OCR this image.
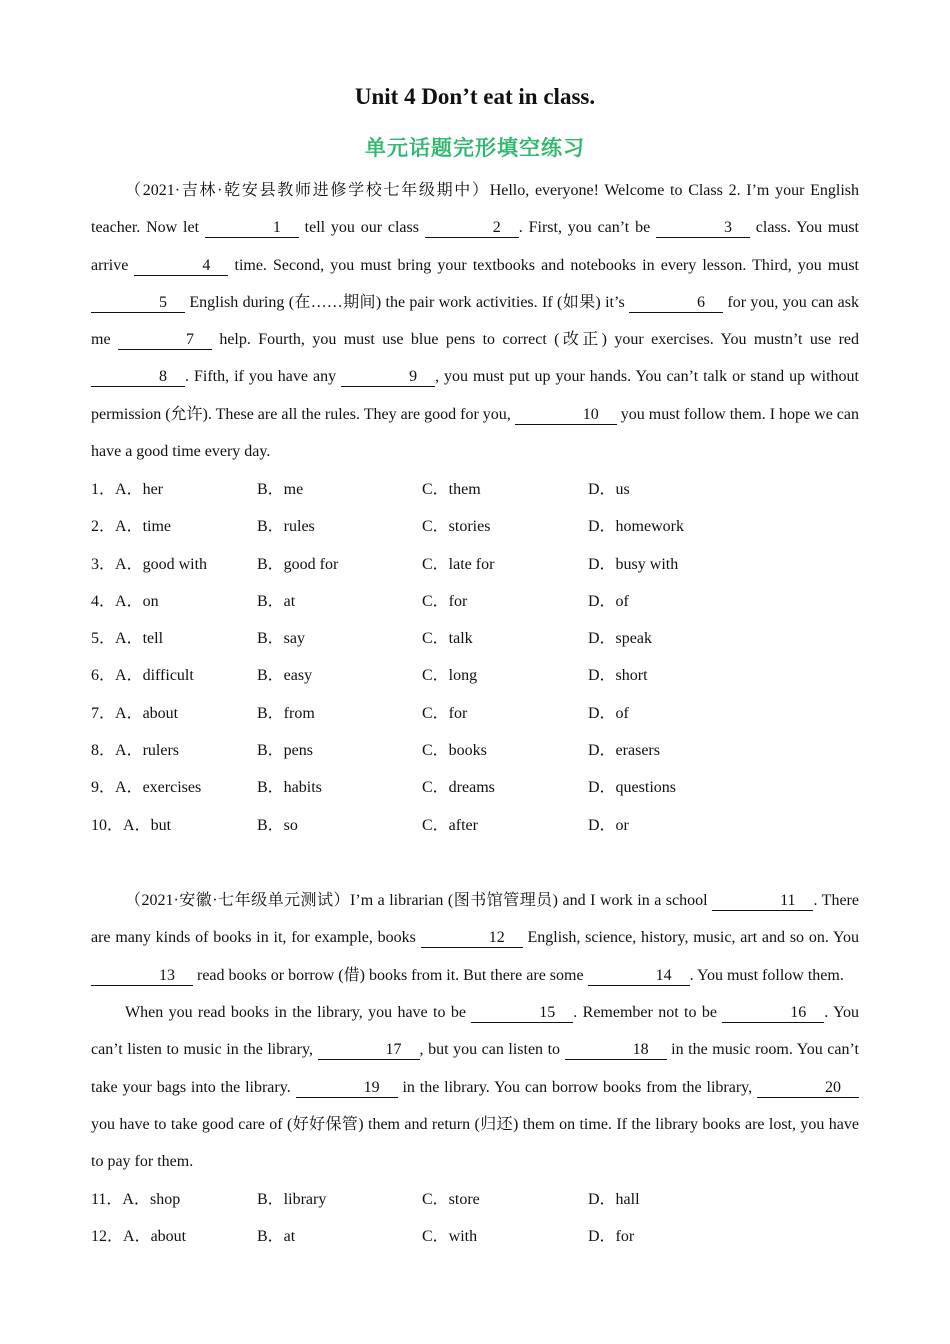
Unit 4 Don’t eat in class.
单元话题完形填空练习

（2021·吉林·乾安县教师进修学校七年级期中）Hello, everyone! Welcome to Class 2. I’m your English teacher. Now let	1 tell you our class	2 . First, you can’t be	3 class. You must arrive	4 time. Second, you must bring your textbooks and notebooks in every lesson. Third, you must 5 English during (在……期间) the pair work activities. If (如果) it’s	6 for you, you can ask me	7 help. Fourth, you must use blue pens to correct (改正) your exercises. You mustn’t use red 8 . Fifth, if you have any	9 , you must put up your hands. You can’t talk or stand up without permission (允许). These are all the rules. They are good for you,	10 you must follow them. I hope we can have a good time every day.

1．A．her	B．me	C．them	D．us
2．A．time	B．rules	C．stories	D．homework
3．A．good with	B．good for	C．late for	D．busy with
4．A．on	B．at	C．for	D．of
5．A．tell	B．say	C．talk	D．speak
6．A．difficult	B．easy	C．long	D．short
7．A．about	B．from	C．for	D．of
8．A．rulers	B．pens	C．books	D．erasers
9．A．exercises	B．habits	C．dreams	D．questions
10．A．but	B．so	C．after	D．or

（2021·安徽·七年级单元测试）I’m a librarian (图书馆管理员) and I work in a school	11 . There are many kinds of books in it, for example, books	12 English, science, history, music, art and so on. You 13 read books or borrow (借) books from it. But there are some	14 . You must follow them.

When you read books in the library, you have to be	15 . Remember not to be	16 . You can’t listen to music in the library,	17 , but you can listen to	18 in the music room. You can’t take your bags into the library.	19 in the library. You can borrow books from the library,	20 you have to take good care of (好好保管) them and return (归还) them on time. If the library books are lost, you have to pay for them.

11．A．shop	B．library	C．store	D．hall
12．A．about	B．at	C．with	D．for
